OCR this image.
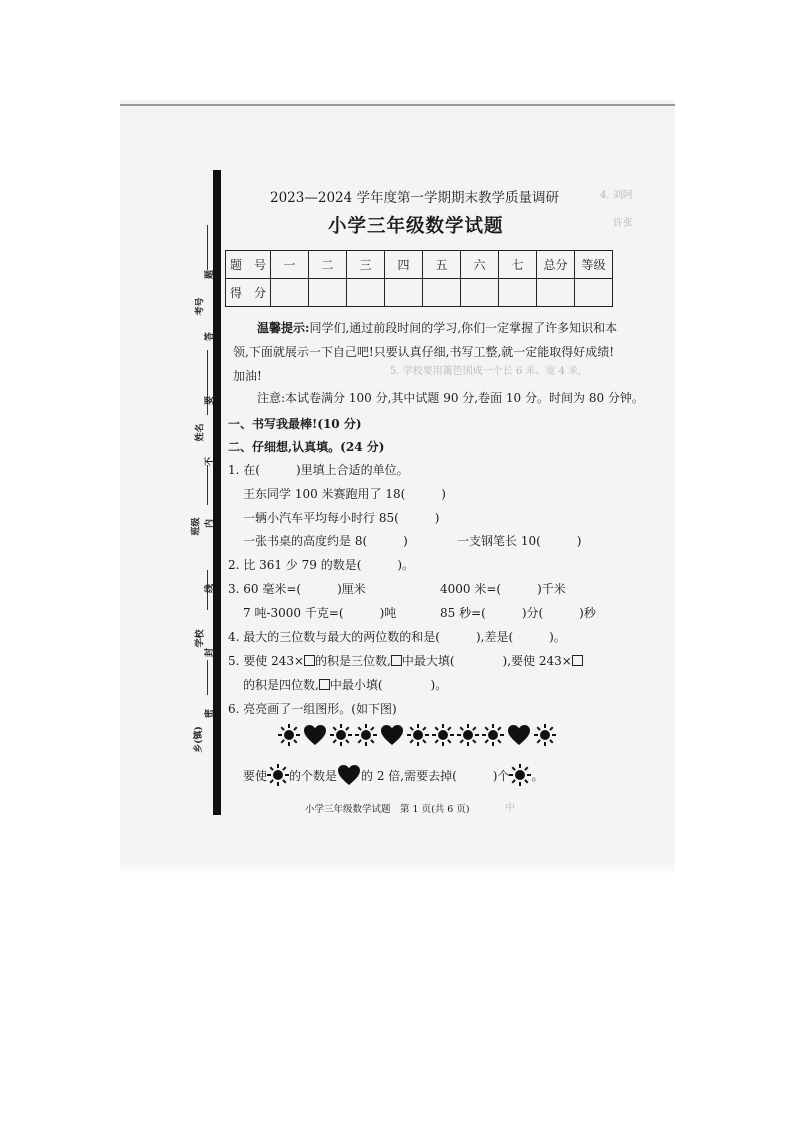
4. 刘阿
许张
5. 学校要用篱笆围成一个长 6 米、宽 4 米,
中
考号
姓名
班级
学校
乡(镇)
题
答
要
不
内
线
封
密
2023—2024 学年度第一学期期末教学质量调研
小学三年级数学试题
题　号	一	二	三	四	五	六	七	总分	等级
得　分									
温馨提示:同学们,通过前段时间的学习,你们一定掌握了许多知识和本领,下面就展示一下自己吧!只要认真仔细,书写工整,就一定能取得好成绩!加油!
注意:本试卷满分 100 分,其中试题 90 分,卷面 10 分。时间为 80 分钟。
一、书写我最棒!(10 分)
二、仔细想,认真填。(24 分)
1. 在(　　　)里填上合适的单位。
王东同学 100 米赛跑用了 18(　　　)
一辆小汽车平均每小时行 85(　　　)
一张书桌的高度约是 8(　　　)	一支钢笔长 10(　　　)
2. 比 361 少 79 的数是(　　　)。
3. 60 毫米=(　　　)厘米	4000 米=(　　　)千米
7 吨-3000 千克=(　　　)吨	85 秒=(　　　)分(　　　)秒
4. 最大的三位数与最大的两位数的和是(　　　),差是(　　　)。
5. 要使 243× 的积是三位数, 中最大填(　　　　),要使 243×
的积是四位数, 中最小填(　　　　)。
6. 亮亮画了一组图形。(如下图)
要使 的个数是 的 2 倍,需要去掉(　　　)个 。
小学三年级数学试题　第 1 页(共 6 页)
